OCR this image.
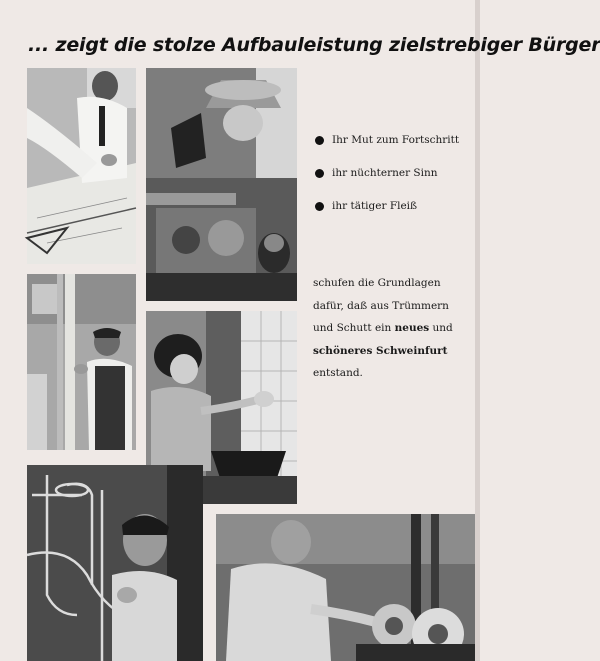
... zeigt die stolze Aufbauleistung zielstrebiger Bürger
Ihr Mut zum Fortschritt
ihr nüchterner Sinn
ihr tätiger Fleiß
schufen die Grundlagen
dafür, daß aus Trümmern
und Schutt ein neues und
schöneres Schweinfurt
entstand.
